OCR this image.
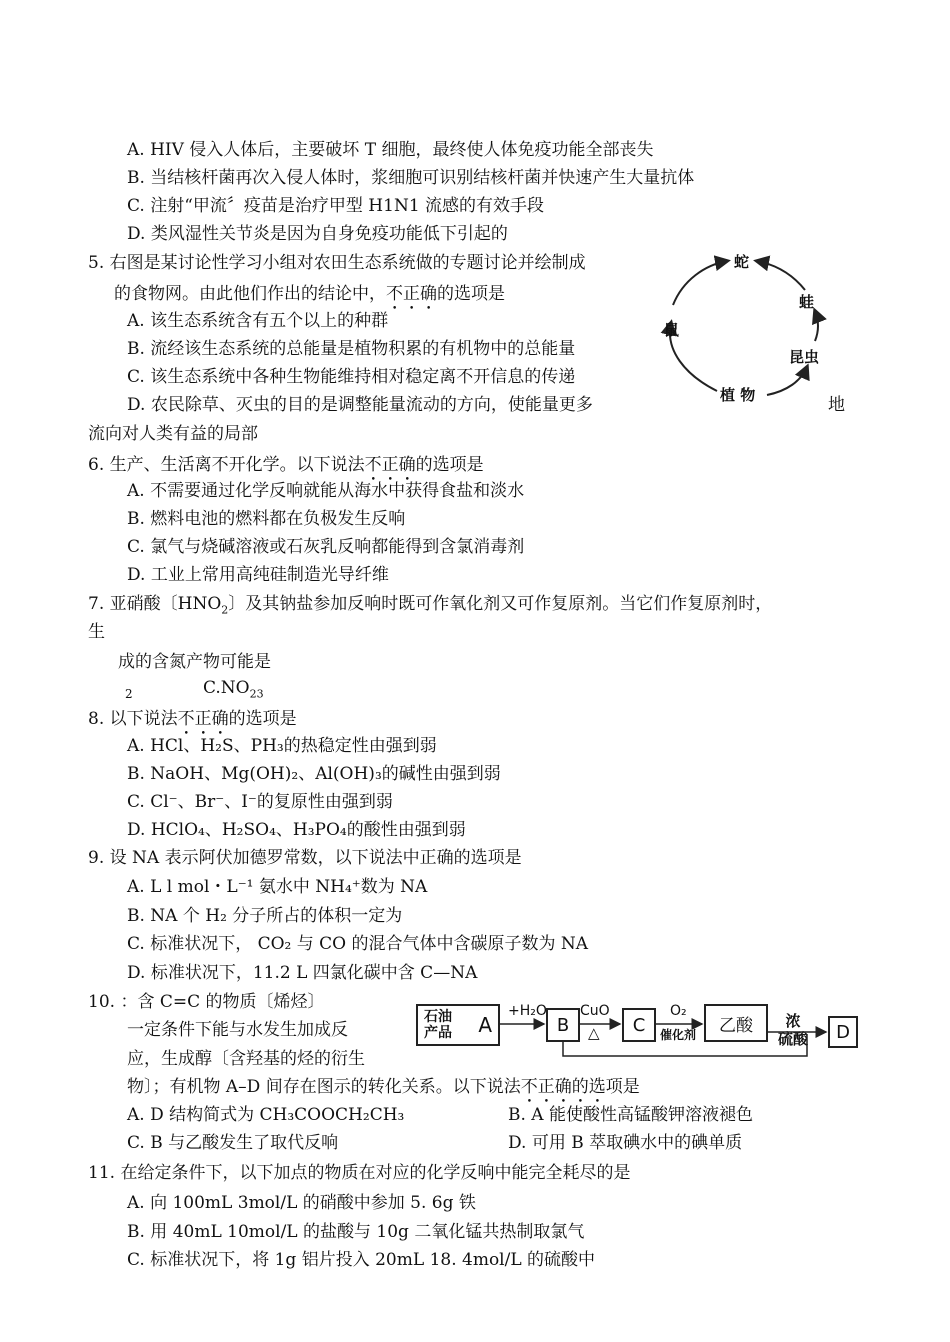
A. HIV 侵入人体后，主要破坏 T 细胞，最终使人体免疫功能全部丧失
B. 当结核杆菌再次入侵人体时，浆细胞可识别结核杆菌并快速产生大量抗体
C. 注射“甲流〞疫苗是治疗甲型 H1N1 流感的有效手段
D. 类风湿性关节炎是因为自身免疫功能低下引起的
5. 右图是某讨论性学习小组对农田生态系统做的专题讨论并绘制成
的食物网。由此他们作出的结论中，不正确的选项是
A. 该生态系统含有五个以上的种群
B. 流经该生态系统的总能量是植物积累的有机物中的总能量
C. 该生态系统中各种生物能维持相对稳定离不开信息的传递
D. 农民除草、灭虫的目的是调整能量流动的方向，使能量更多	地
流向对人类有益的局部
蛇
蛙
鼠
昆虫
植 物
6. 生产、生活离不开化学。以下说法不正确的选项是
A. 不需要通过化学反响就能从海水中获得食盐和淡水
B. 燃料电池的燃料都在负极发生反响
C. 氯气与烧碱溶液或石灰乳反响都能得到含氯消毒剂
D. 工业上常用高纯硅制造光导纤维
7. 亚硝酸〔$HNO_2$〕及其钠盐参加反响时既可作氧化剂又可作复原剂。当它们作复原剂时，
生
成的含氮产物可能是
2	$C.NO_{23}$
8. 以下说法不正确的选项是
A. HCl、H₂S、PH₃的热稳定性由强到弱
B. NaOH、Mg(OH)₂、Al(OH)₃的碱性由强到弱
C. Cl⁻、Br⁻、I⁻的复原性由强到弱
D. HClO₄、H₂SO₄、H₃PO₄的酸性由强到弱
9. 设 NA 表示阿伏加德罗常数，以下说法中正确的选项是
A. L l mol・L⁻¹ 氨水中 NH₄⁺数为 NA
B. NA 个 H₂ 分子所占的体积一定为
C. 标准状况下， CO₂ 与 CO 的混合气体中含碳原子数为 NA
D. 标准状况下，11.2 L 四氯化碳中含 C—NA
10. ：含 C=C 的物质〔烯烃〕
一定条件下能与水发生加成反
应，生成醇〔含羟基的烃的衍生
物〕；有机物 A–D 间存在图示的转化关系。以下说法不正确的选项是
A. D 结构简式为 CH₃COOCH₂CH₃	B. A 能使酸性高锰酸钾溶液褪色
C. B 与乙酸发生了取代反响	D. 可用 B 萃取碘水中的碘单质
石油
产品 A
+H₂O
B
CuO
△	C
O₂
催化剂	乙酸	浓
硫酸	D
11. 在给定条件下，以下加点的物质在对应的化学反响中能完全耗尽的是
A. 向 100mL 3mol/L 的硝酸中参加 5. 6g 铁
B. 用 40mL 10mol/L 的盐酸与 10g 二氧化锰共热制取氯气
C. 标准状况下，将 1g 铝片投入 20mL 18. 4mol/L 的硫酸中
